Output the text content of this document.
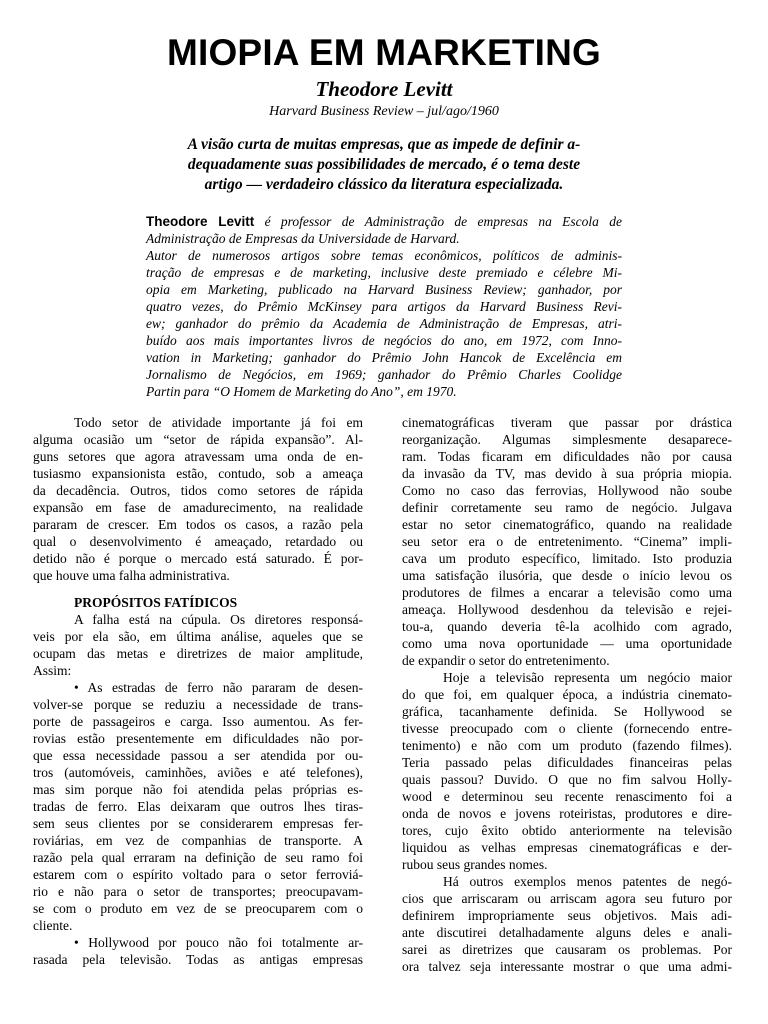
MIOPIA EM MARKETING
Theodore Levitt
Harvard Business Review – jul/ago/1960
A visão curta de muitas empresas, que as impede de definir a-
dequadamente suas possibilidades de mercado, é o tema deste
artigo — verdadeiro clássico da literatura especializada.
Theodore Levitt é professor de Administração de empresas na Escola de
Administração de Empresas da Universidade de Harvard.
Autor de numerosos artigos sobre temas econômicos, políticos de adminis-
tração de empresas e de marketing, inclusive deste premiado e célebre Mi-
opia em Marketing, publicado na Harvard Business Review; ganhador, por
quatro vezes, do Prêmio McKinsey para artigos da Harvard Business Revi-
ew; ganhador do prêmio da Academia de Administração de Empresas, atri-
buído aos mais importantes livros de negócios do ano, em 1972, com Inno-
vation in Marketing; ganhador do Prêmio John Hancok de Excelência em
Jornalismo de Negócios, em 1969; ganhador do Prêmio Charles Coolidge
Partin para “O Homem de Marketing do Ano”, em 1970.
Todo setor de atividade importante já foi em
alguma ocasião um “setor de rápida expansão”. Al-
guns setores que agora atravessam uma onda de en-
tusiasmo expansionista estão, contudo, sob a ameaça
da decadência. Outros, tidos como setores de rápida
expansão em fase de amadurecimento, na realidade
pararam de crescer. Em todos os casos, a razão pela
qual o desenvolvimento é ameaçado, retardado ou
detido não é porque o mercado está saturado. É por-
que houve uma falha administrativa.
PROPÓSITOS FATÍDICOS
A falha está na cúpula. Os diretores responsá-
veis por ela são, em última análise, aqueles que se
ocupam das metas e diretrizes de maior amplitude,
Assim:
• As estradas de ferro não pararam de desen-
volver-se porque se reduziu a necessidade de trans-
porte de passageiros e carga. Isso aumentou. As fer-
rovias estão presentemente em dificuldades não por-
que essa necessidade passou a ser atendida por ou-
tros (automóveis, caminhões, aviões e até telefones),
mas sim porque não foi atendida pelas próprias es-
tradas de ferro. Elas deixaram que outros lhes tiras-
sem seus clientes por se considerarem empresas fer-
roviárias, em vez de companhias de transporte. A
razão pela qual erraram na definição de seu ramo foi
estarem com o espírito voltado para o setor ferroviá-
rio e não para o setor de transportes; preocupavam-
se com o produto em vez de se preocuparem com o
cliente.
• Hollywood por pouco não foi totalmente ar-
rasada pela televisão. Todas as antigas empresas
cinematográficas tiveram que passar por drástica
reorganização. Algumas simplesmente desaparece-
ram. Todas ficaram em dificuldades não por causa
da invasão da TV, mas devido à sua própria miopia.
Como no caso das ferrovias, Hollywood não soube
definir corretamente seu ramo de negócio. Julgava
estar no setor cinematográfico, quando na realidade
seu setor era o de entretenimento. “Cinema” impli-
cava um produto específico, limitado. Isto produzia
uma satisfação ilusória, que desde o início levou os
produtores de filmes a encarar a televisão como uma
ameaça. Hollywood desdenhou da televisão e rejei-
tou-a, quando deveria tê-la acolhido com agrado,
como uma nova oportunidade — uma oportunidade
de expandir o setor do entretenimento.
Hoje a televisão representa um negócio maior
do que foi, em qualquer época, a indústria cinemato-
gráfica, tacanhamente definida. Se Hollywood se
tivesse preocupado com o cliente (fornecendo entre-
tenimento) e não com um produto (fazendo filmes).
Teria passado pelas dificuldades financeiras pelas
quais passou? Duvido. O que no fim salvou Holly-
wood e determinou seu recente renascimento foi a
onda de novos e jovens roteiristas, produtores e dire-
tores, cujo êxito obtido anteriormente na televisão
liquidou as velhas empresas cinematográficas e der-
rubou seus grandes nomes.
Há outros exemplos menos patentes de negó-
cios que arriscaram ou arriscam agora seu futuro por
definirem impropriamente seus objetivos. Mais adi-
ante discutirei detalhadamente alguns deles e anali-
sarei as diretrizes que causaram os problemas. Por
ora talvez seja interessante mostrar o que uma admi-
